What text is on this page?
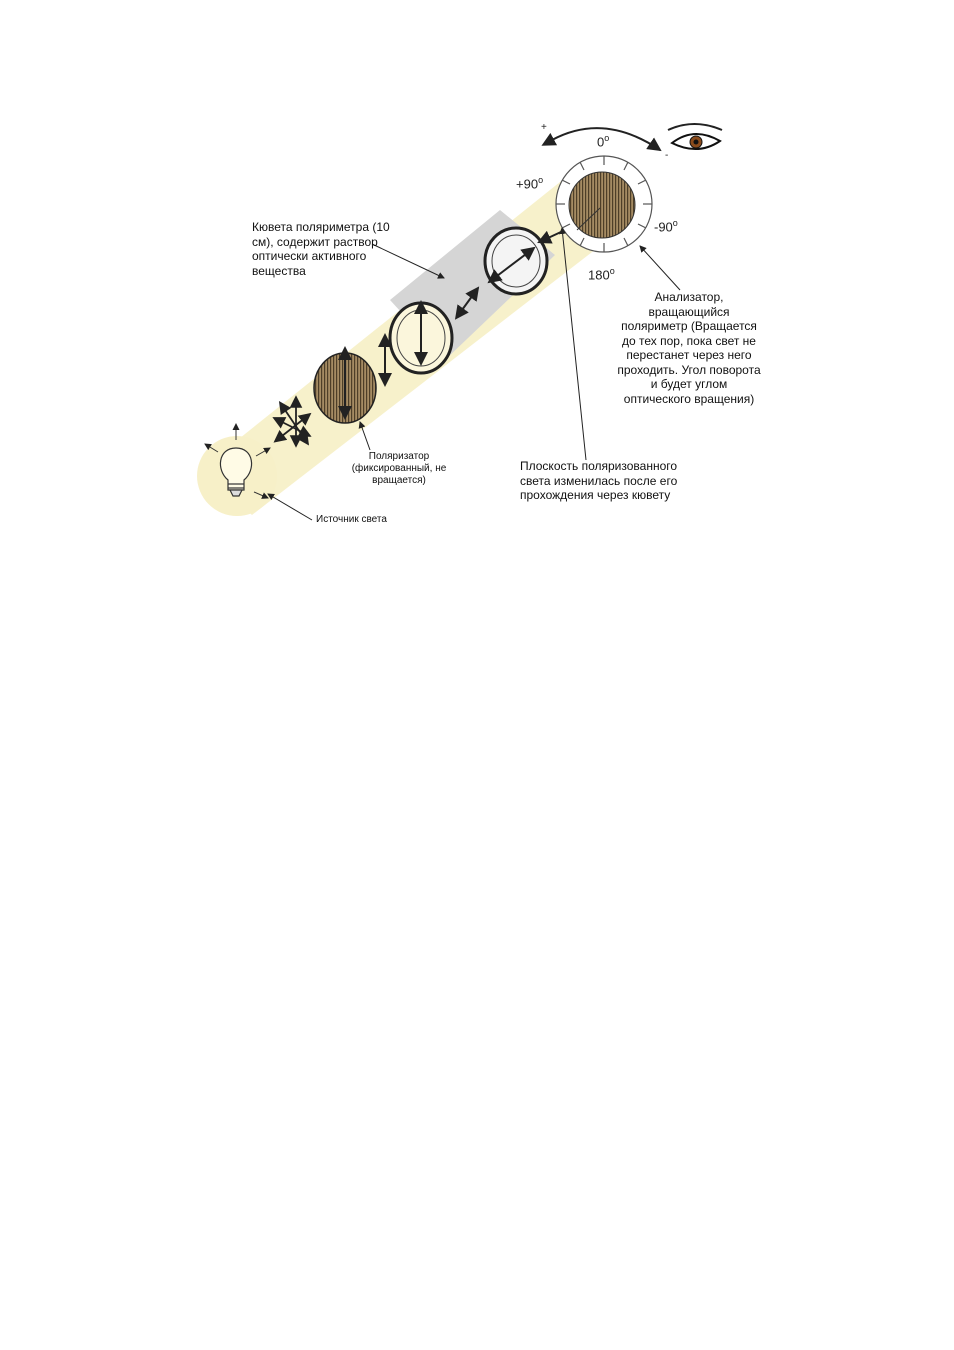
+
-
$0^o$
$+90^o$
-90$^o$
180$^o$
Кювета поляриметра (10
см), содержит раствор
оптически активного
вещества
Анализатор,
вращающийся
поляриметр (Вращается
до тех пор, пока свет не
перестанет через него
проходить. Угол поворота
и будет углом
оптического вращения)
Поляризатор
(фиксированный, не
вращается)
Плоскость поляризованного
света изменилась после его
прохождения через кювету
Источник света
